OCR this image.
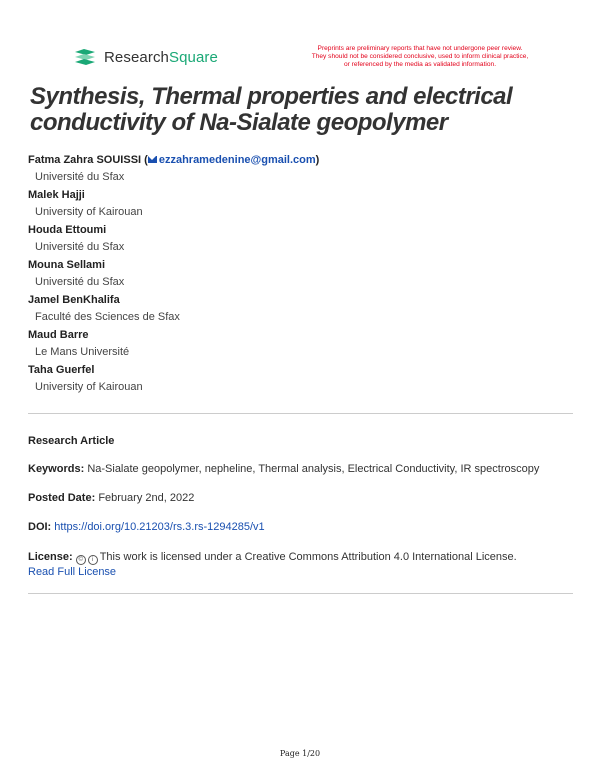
ResearchSquare	Preprints are preliminary reports that have not undergone peer review.
They should not be considered conclusive, used to inform clinical practice,
or referenced by the media as validated information.
Synthesis, Thermal properties and electrical
conductivity of Na-Sialate geopolymer
Fatma Zahra SOUISSI ( ezzahramedenine@gmail.com)
Université du Sfax
Malek Hajji
University of Kairouan
Houda Ettoumi
Université du Sfax
Mouna Sellami
Université du Sfax
Jamel BenKhalifa
Faculté des Sciences de Sfax
Maud Barre
Le Mans Université
Taha Guerfel
University of Kairouan
Research Article
Keywords: Na-Sialate geopolymer, nepheline, Thermal analysis, Electrical Conductivity, IR spectroscopy
Posted Date: February 2nd, 2022
DOI: https://doi.org/10.21203/rs.3.rs-1294285/v1
License: © i This work is licensed under a Creative Commons Attribution 4.0 International License.
Read Full License
Page 1/20
